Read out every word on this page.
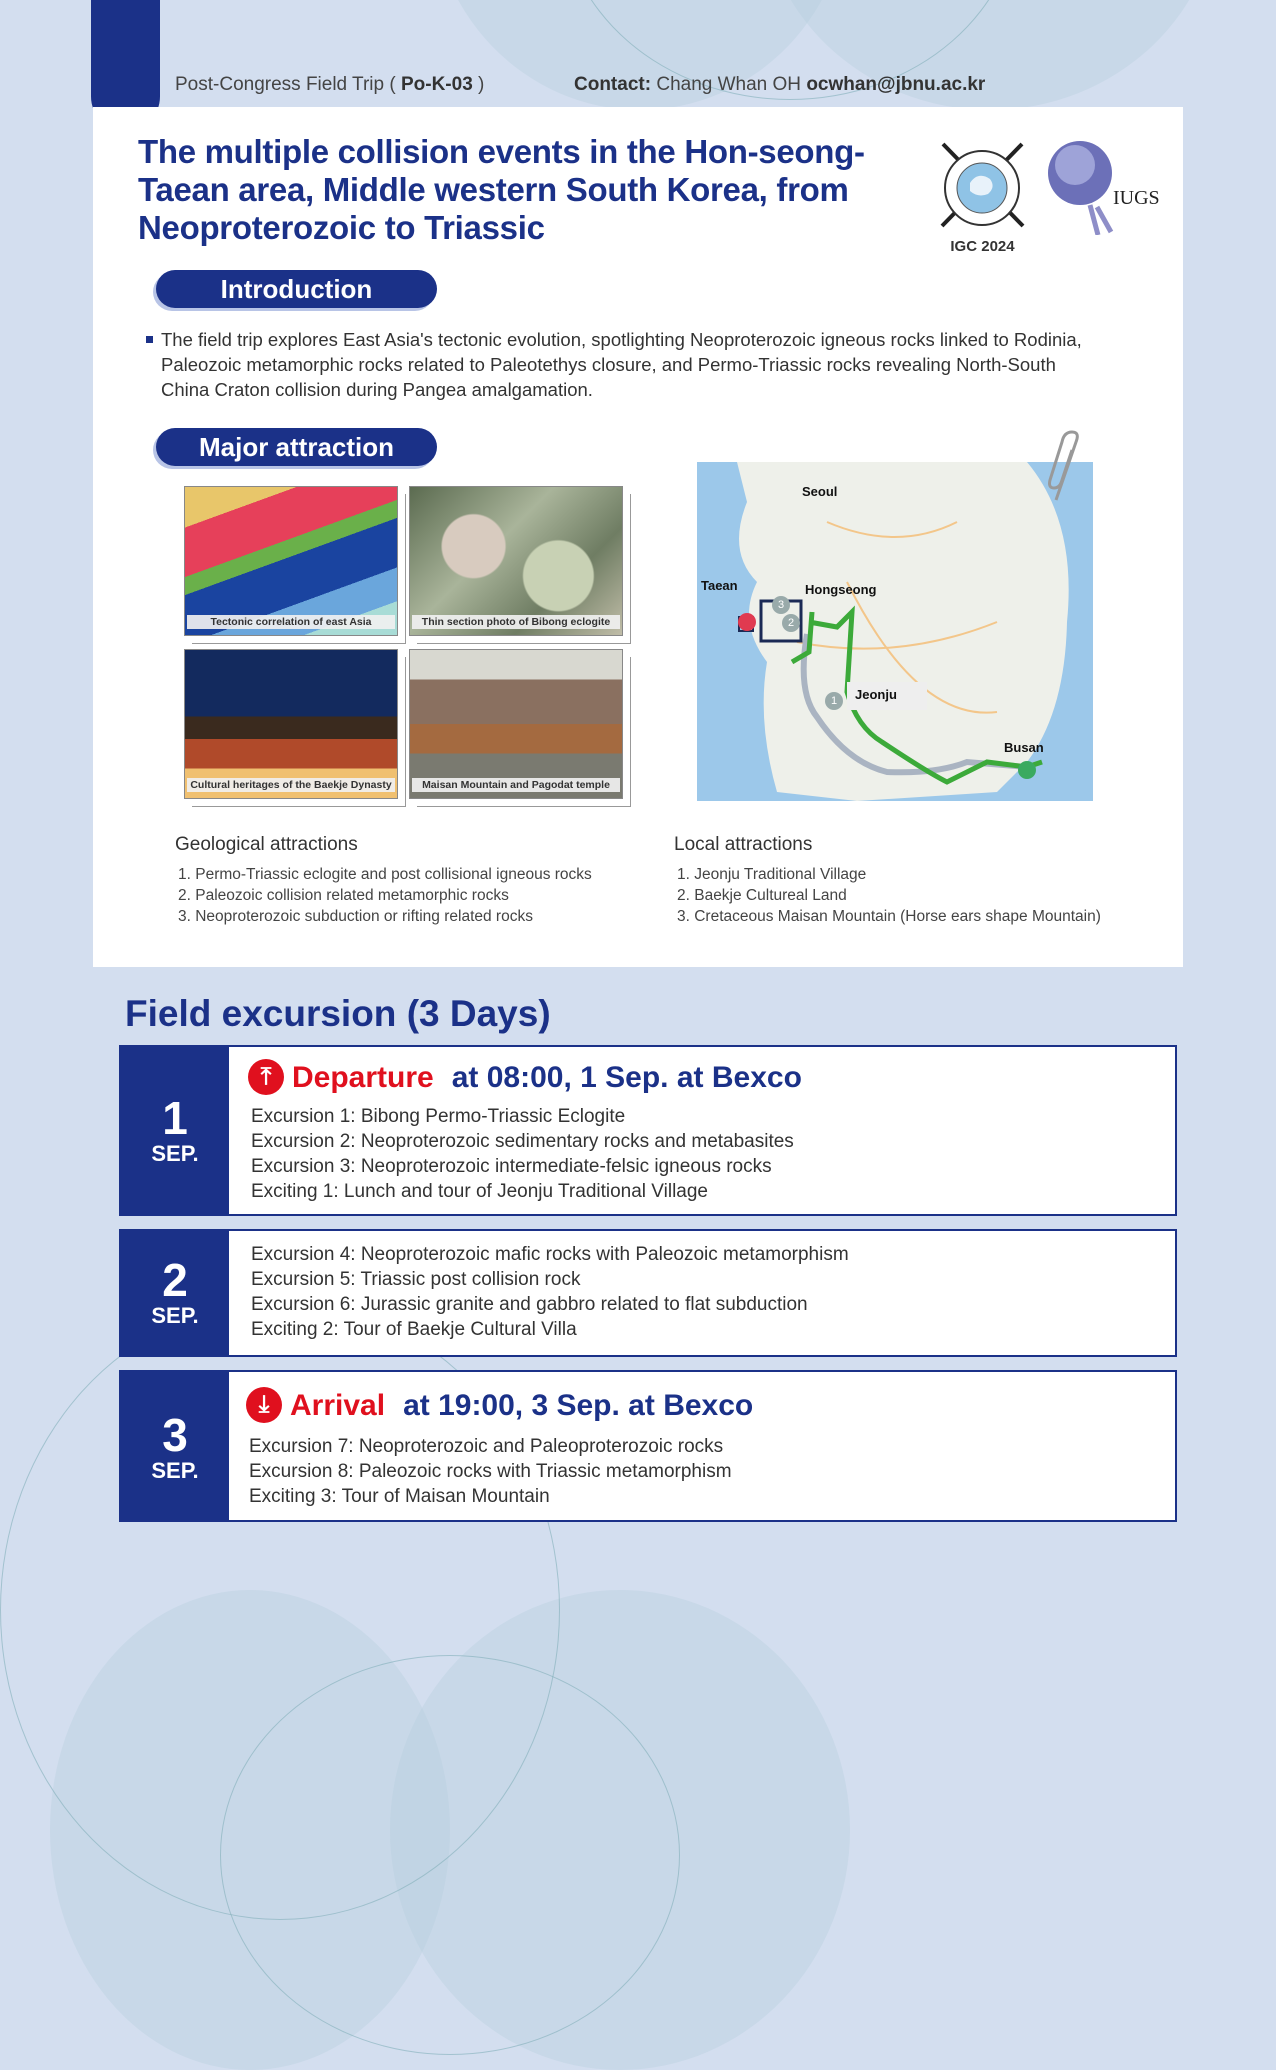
Post-Congress Field Trip ( Po-K-03 )	Contact: Chang Whan OH ocwhan@jbnu.ac.kr
The multiple collision events in the Hon-seong-Taean area, Middle western South Korea, from Neoproterozoic to Triassic
IGC 2024
IUGS
Introduction
The field trip explores East Asia's tectonic evolution, spotlighting Neoproterozoic igneous rocks linked to Rodinia, Paleozoic metamorphic rocks related to Paleotethys closure, and Permo-Triassic rocks revealing North-South China Craton collision during Pangea amalgamation.
Major attraction
Tectonic correlation of east Asia	Thin section photo of Bibong eclogite
Cultural heritages of the Baekje Dynasty	Maisan Mountain and Pagodat temple
3
2
1
Seoul
Taean	Hongseong
Jeonju
Busan
Geological attractions
1. Permo-Triassic eclogite and post collisional igneous rocks
2. Paleozoic collision related metamorphic rocks
3. Neoproterozoic subduction or rifting related rocks
Local attractions
1. Jeonju Traditional Village
2. Baekje Cultureal Land
3. Cretaceous Maisan Mountain (Horse ears shape Mountain)
Field excursion (3 Days)
1
SEP.
⤒ Departure at 08:00, 1 Sep. at Bexco
Excursion 1: Bibong Permo-Triassic Eclogite
Excursion 2: Neoproterozoic sedimentary rocks and metabasites
Excursion 3: Neoproterozoic intermediate-felsic igneous rocks
Exciting 1: Lunch and tour of Jeonju Traditional Village
2
SEP.
Excursion 4: Neoproterozoic mafic rocks with Paleozoic metamorphism
Excursion 5: Triassic post collision rock
Excursion 6: Jurassic granite and gabbro related to flat subduction
Exciting 2: Tour of Baekje Cultural Villa
3
SEP.
⤓ Arrival at 19:00, 3 Sep. at Bexco
Excursion 7: Neoproterozoic and Paleoproterozoic rocks
Excursion 8: Paleozoic rocks with Triassic metamorphism
Exciting 3: Tour of Maisan Mountain
